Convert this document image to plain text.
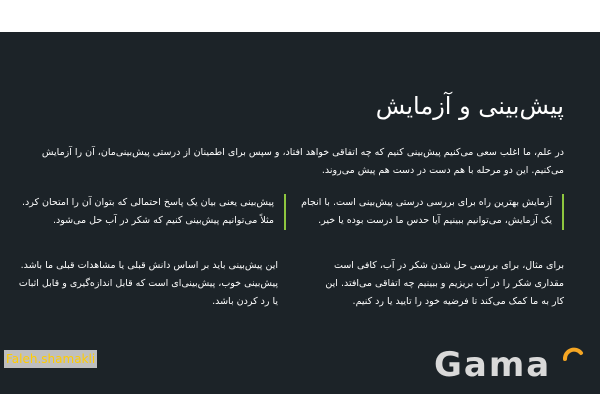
پیش‌بینی و آزمایش

در علم، ما اغلب سعی می‌کنیم پیش‌بینی کنیم که چه اتفاقی خواهد افتاد، و سپس برای اطمینان از درستی پیش‌بینی‌مان، آن را آزمایش می‌کنیم. این دو مرحله با هم دست در دست هم پیش می‌روند.

آزمایش بهترین راه برای بررسی درستی پیش‌بینی است. با انجام

یک آزمایش، می‌توانیم ببینیم آیا حدس ما درست بوده یا خیر.

پیش‌بینی یعنی بیان یک پاسخ احتمالی که بتوان آن را امتحان کرد.

مثلاً می‌توانیم پیش‌بینی کنیم که شکر در آب حل می‌شود.

برای مثال، برای بررسی حل شدن شکر در آب، کافی است مقداری شکر را در آب بریزیم و ببینیم چه اتفاقی می‌افتد. این کار به ما کمک می‌کند تا فرضیه خود را تایید یا رد کنیم.

این پیش‌بینی باید بر اساس دانش قبلی یا مشاهدات قبلی ما باشد. پیش‌بینی خوب، پیش‌بینی‌ای است که قابل اندازه‌گیری و قابل اثبات یا رد کردن باشد.

Faleh.shamakli	Gama
